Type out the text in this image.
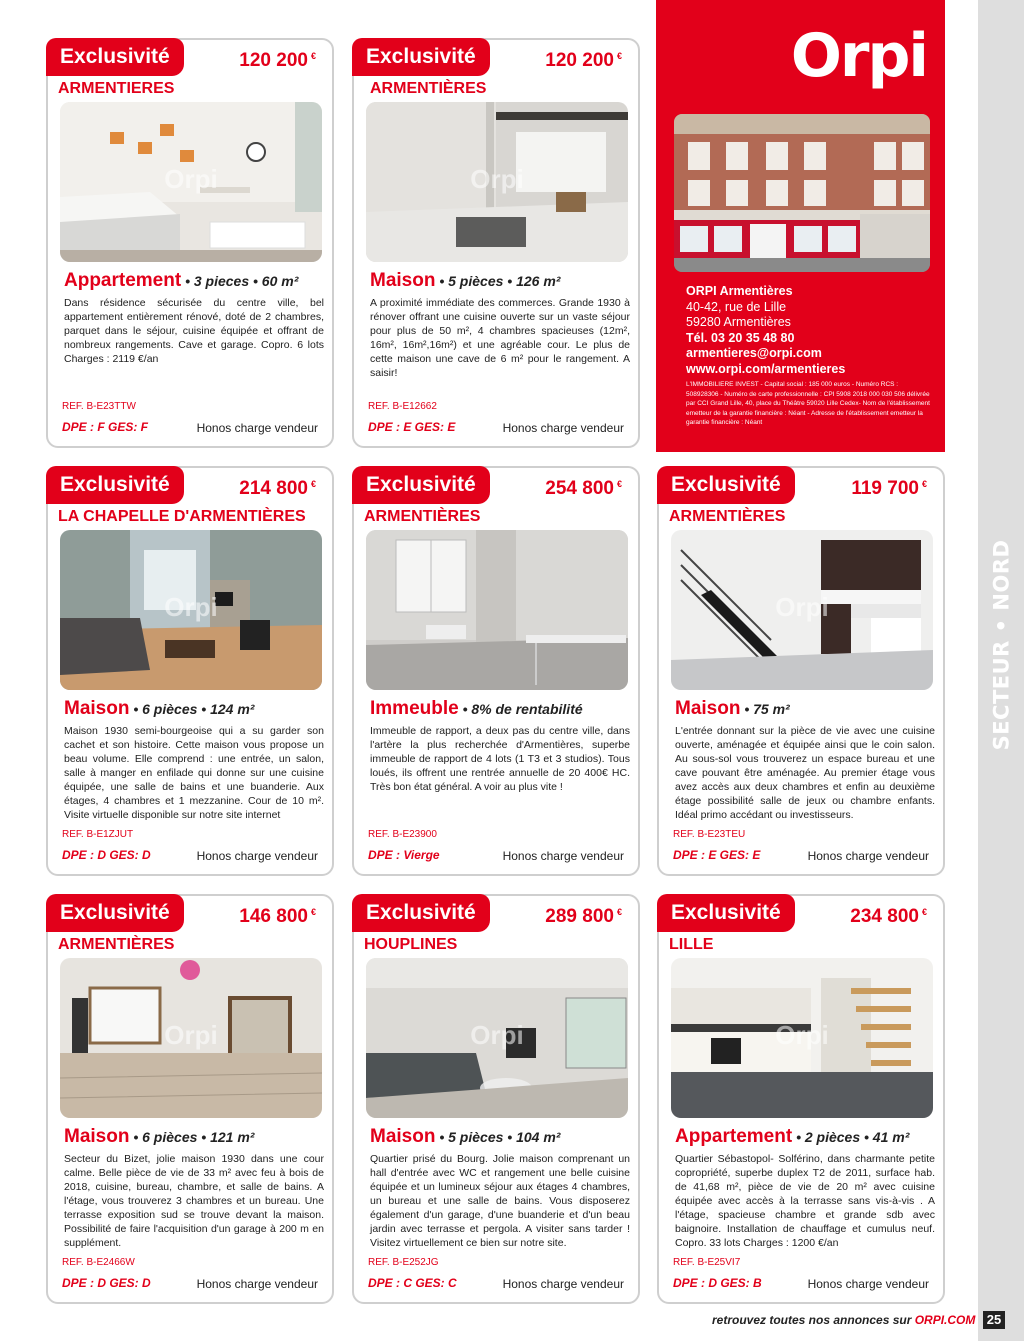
SECTEUR • NORD
Exclusivité	120 200 €
ARMENTIERES
Orpi
Appartement • 3 pieces • 60 m²
Dans résidence sécurisée du centre ville, bel appartement entièrement rénové, doté de 2 chambres, parquet dans le séjour, cuisine équipée et offrant de nombreux rangements. Cave et garage. Copro. 6 lots Charges : 2119 €/an
REF. B-E23TTW
DPE : F GES: F	Honos charge vendeur
Exclusivité	120 200 €
ARMENTIÈRES
Orpi
Maison • 5 pièces • 126 m²
A proximité immédiate des commerces. Grande 1930 à rénover offrant une cuisine ouverte sur un vaste séjour pour plus de 50 m², 4 chambres spacieuses (12m², 16m², 16m²,16m²) et une agréable cour. Le plus de cette maison une cave de 6 m² pour le rangement. A saisir!
REF. B-E12662
DPE : E GES: E	Honos charge vendeur
Orpi
ORPI Armentières
40-42, rue de Lille
59280 Armentières
Tél. 03 20 35 48 80
armentieres@orpi.com
www.orpi.com/armentieres
L'IMMOBILIERE INVEST - Capital social : 185 000 euros - Numéro RCS : 508928306 - Numéro de carte professionnelle : CPI 5908 2018 000 030 506 délivrée par CCI Grand Lille, 40, place du Théâtre 59020 Lille Cedex- Nom de l'établissement emetteur de la garantie financière : Néant - Adresse de l'établissement emetteur la garantie financière : Néant
Exclusivité	214 800 €
LA CHAPELLE D'ARMENTIÈRES
Orpi
Maison • 6 pièces • 124 m²
Maison 1930 semi-bourgeoise qui a su garder son cachet et son histoire. Cette maison vous propose un beau volume. Elle comprend : une entrée, un salon, salle à manger en enfilade qui donne sur une cuisine équipée, une salle de bains et une buanderie. Aux étages, 4 chambres et 1 mezzanine. Cour de 10 m². Visite virtuelle disponible sur notre site internet
REF. B-E1ZJUT
DPE : D GES: D	Honos charge vendeur
Exclusivité	254 800 €
ARMENTIÈRES
Immeuble • 8% de rentabilité
Immeuble de rapport, a deux pas du centre ville, dans l'artère la plus recherchée d'Armentières, superbe immeuble de rapport de 4 lots (1 T3 et 3 studios). Tous loués, ils offrent une rentrée annuelle de 20 400€ HC. Très bon état général. A voir au plus vite !
REF. B-E23900
DPE : Vierge	Honos charge vendeur
Exclusivité	119 700 €
ARMENTIÈRES
Orpi
Maison • 75 m²
L'entrée donnant sur la pièce de vie avec une cuisine ouverte, aménagée et équipée ainsi que le coin salon. Au sous-sol vous trouverez un espace bureau et une cave pouvant être aménagée. Au premier étage vous avez accès aux deux chambres et enfin au deuxième étage possibilité salle de jeux ou chambre enfants. Idéal primo accédant ou investisseurs.
REF. B-E23TEU
DPE : E GES: E	Honos charge vendeur
Exclusivité	146 800 €
ARMENTIÈRES
Orpi
Maison • 6 pièces • 121 m²
Secteur du Bizet, jolie maison 1930 dans une cour calme. Belle pièce de vie de 33 m² avec feu à bois de 2018, cuisine, bureau, chambre, et salle de bains. A l'étage, vous trouverez 3 chambres et un bureau. Une terrasse exposition sud se trouve devant la maison. Possibilité de faire l'acquisition d'un garage à 200 m en supplément.
REF. B-E2466W
DPE : D GES: D	Honos charge vendeur
Exclusivité	289 800 €
HOUPLINES
Orpi
Maison • 5 pièces • 104 m²
Quartier prisé du Bourg. Jolie maison comprenant un hall d'entrée avec WC et rangement une belle cuisine équipée et un lumineux séjour aux étages 4 chambres, un bureau et une salle de bains. Vous disposerez également d'un garage, d'une buanderie et d'un beau jardin avec terrasse et pergola. A visiter sans tarder ! Visitez virtuellement ce bien sur notre site.
REF. B-E252JG
DPE : C GES: C	Honos charge vendeur
Exclusivité	234 800 €
LILLE
Orpi
Appartement • 2 pièces • 41 m²
Quartier Sébastopol- Solférino, dans charmante petite copropriété, superbe duplex T2 de 2011, surface hab. de 41,68 m², pièce de vie de 20 m² avec cuisine équipée avec accès à la terrasse sans vis-à-vis . A l'étage, spacieuse chambre et grande sdb avec baignoire. Installation de chauffage et cumulus neuf. Copro. 33 lots Charges : 1200 €/an
REF. B-E25VI7
DPE : D GES: B	Honos charge vendeur
retrouvez toutes nos annonces sur ORPI.COM 25
